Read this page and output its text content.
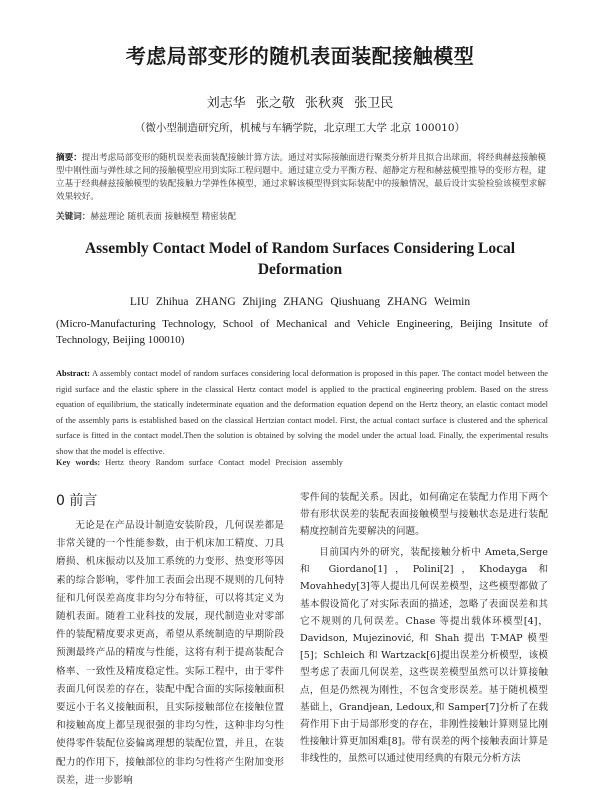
考虑局部变形的随机表面装配接触模型
刘志华 张之敬 张秋爽 张卫民
（微小型制造研究所，机械与车辆学院，北京理工大学 北京 100010）
摘要：提出考虑局部变形的随机误差表面装配接触计算方法。通过对实际接触面进行聚类分析并且拟合出球面，将经典赫兹接触模型中刚性面与弹性球之间的接触模型应用到实际工程问题中。通过建立受力平衡方程、超静定方程和赫兹模型推导的变形方程，建立基于经典赫兹接触模型的装配接触力学弹性体模型，通过求解该模型得到实际装配中的接触情况，最后设计实验检验该模型求解效果较好。
关键词：赫兹理论 随机表面 接触模型 精密装配
Assembly Contact Model of Random Surfaces Considering Local Deformation
LIU Zhihua ZHANG Zhijing ZHANG Qiushuang ZHANG Weimin
(Micro-Manufacturing Technology, School of Mechanical and Vehicle Engineering, Beijing Insitute of Technology, Beijing 100010)
Abstract: A assembly contact model of random surfaces considering local deformation is proposed in this paper. The contact model between the rigid surface and the elastic sphere in the classical Hertz contact model is applied to the practical engineering problem. Based on the stress equation of equilibrium, the statically indeterminate equation and the deformation equation depend on the Hertz theory, an elastic contact model of the assembly parts is established based on the classical Hertzian contact model. First, the actual contact surface is clustered and the spherical surface is fitted in the contact model.Then the solution is obtained by solving the model under the actual load. Finally, the experimental results show that the model is effective.
Key words: Hertz theory Random surface Contact model Precision assembly
0 前言
无论是在产品设计制造安装阶段，几何误差都是非常关键的一个性能参数，由于机床加工精度、刀具磨损、机床振动以及加工系统的力变形、热变形等因素的综合影响，零件加工表面会出现不规则的几何特征和几何误差高度非均匀分布特征，可以将其定义为随机表面。随着工业科技的发展，现代制造业对零部件的装配精度要求更高，希望从系统制造的早期阶段预测最终产品的精度与性能，这将有利于提高装配合格率、一致性及精度稳定性。实际工程中，由于零件表面几何误差的存在，装配中配合面的实际接触面积要远小于名义接触面积，且实际接触部位在接触位置和接触高度上都呈现很强的非均匀性，这种非均匀性使得零件装配位姿偏离理想的装配位置，并且，在装配力的作用下，接触部位的非均匀性将产生附加变形误差，进一步影响
零件间的装配关系。因此，如何确定在装配力作用下两个带有形状误差的装配表面接触模型与接触状态是进行装配精度控制首先要解决的问题。
目前国内外的研究，装配接触分析中 Ameta,Serge 和 Giordano[1]，Polini[2]，Khodayga 和 Movahhedy[3]等人提出几何误差模型，这些模型都做了基本假设简化了对实际表面的描述，忽略了表面误差和其它不规则的几何误差。Chase 等提出载体环模型[4]，Davidson, Mujezinović, 和 Shah 提出 T-MAP 模型[5]；Schleich 和 Wartzack[6]提出误差分析模型，该模型考虑了表面几何误差，这些误差模型虽然可以计算接触点，但是仍然视为刚性，不包含变形误差。基于随机模型基础上，Grandjean, Ledoux,和 Samper[7]分析了在载荷作用下由于局部形变的存在，非刚性接触计算则显比刚性接触计算更加困难[8]。带有误差的两个接触表面计算是非线性的，虽然可以通过使用经典的有限元分析方法
